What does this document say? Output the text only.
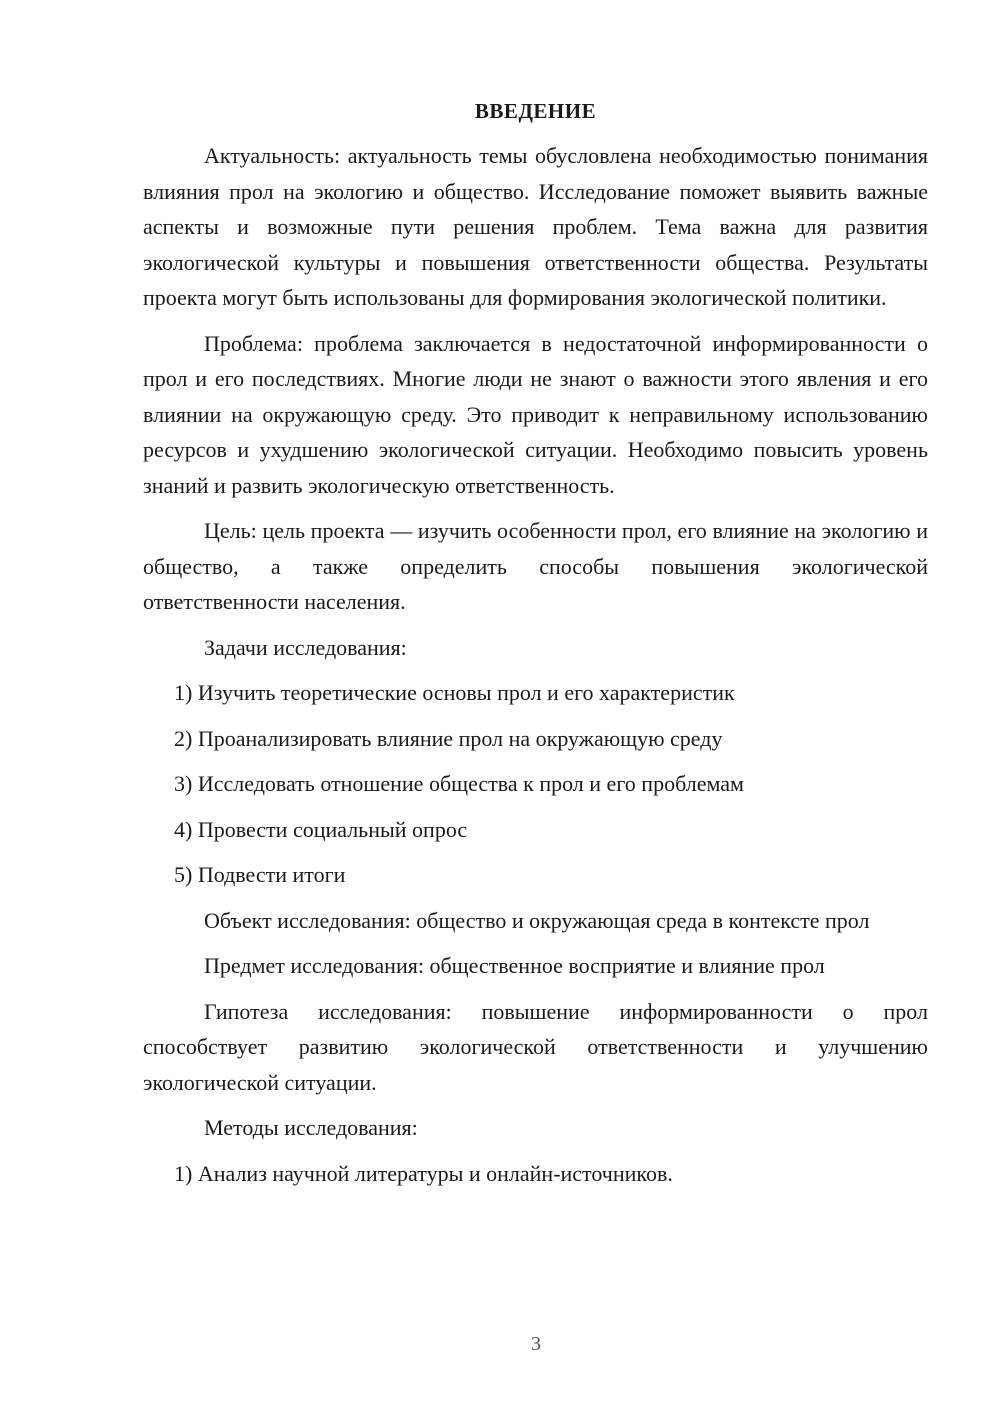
ВВЕДЕНИЕ

Актуальность: актуальность темы обусловлена необходимостью понимания влияния прол на экологию и общество. Исследование поможет выявить важные аспекты и возможные пути решения проблем. Тема важна для развития экологической культуры и повышения ответственности общества. Результаты проекта могут быть использованы для формирования экологической политики.

Проблема: проблема заключается в недостаточной информированности о прол и его последствиях. Многие люди не знают о важности этого явления и его влиянии на окружающую среду. Это приводит к неправильному использованию ресурсов и ухудшению экологической ситуации. Необходимо повысить уровень знаний и развить экологическую ответственность.

Цель: цель проекта — изучить особенности прол, его влияние на экологию и общество, а также определить способы повышения экологической ответственности населения.

Задачи исследования:

1) Изучить теоретические основы прол и его характеристик

2) Проанализировать влияние прол на окружающую среду

3) Исследовать отношение общества к прол и его проблемам

4) Провести социальный опрос

5) Подвести итоги

Объект исследования: общество и окружающая среда в контексте прол

Предмет исследования: общественное восприятие и влияние прол

Гипотеза исследования: повышение информированности о прол способствует развитию экологической ответственности и улучшению экологической ситуации.

Методы исследования:

1) Анализ научной литературы и онлайн-источников.

3
